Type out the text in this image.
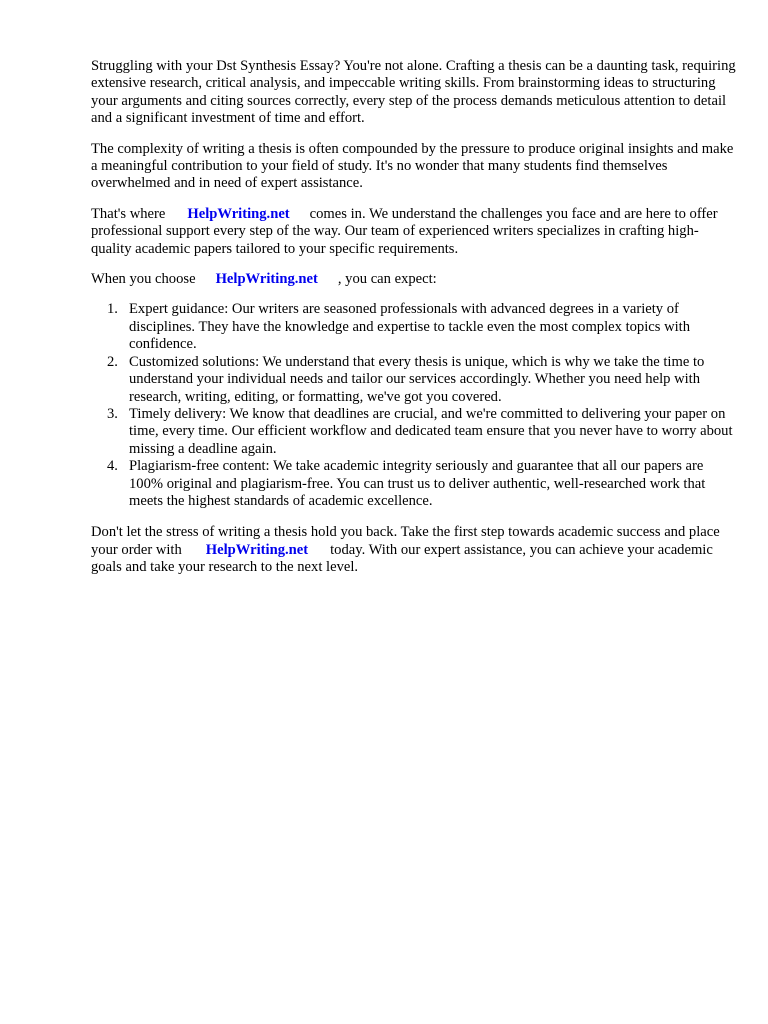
Struggling with your Dst Synthesis Essay? You're not alone. Crafting a thesis can be a daunting task, requiring extensive research, critical analysis, and impeccable writing skills. From brainstorming ideas to structuring your arguments and citing sources correctly, every step of the process demands meticulous attention to detail and a significant investment of time and effort.

The complexity of writing a thesis is often compounded by the pressure to produce original insights and make a meaningful contribution to your field of study. It's no wonder that many students find themselves overwhelmed and in need of expert assistance.

That's where HelpWriting.net comes in. We understand the challenges you face and are here to offer professional support every step of the way. Our team of experienced writers specializes in crafting high-quality academic papers tailored to your specific requirements.

When you choose HelpWriting.net , you can expect:

1. Expert guidance: Our writers are seasoned professionals with advanced degrees in a variety of disciplines. They have the knowledge and expertise to tackle even the most complex topics with confidence.
2. Customized solutions: We understand that every thesis is unique, which is why we take the time to understand your individual needs and tailor our services accordingly. Whether you need help with research, writing, editing, or formatting, we've got you covered.
3. Timely delivery: We know that deadlines are crucial, and we're committed to delivering your paper on time, every time. Our efficient workflow and dedicated team ensure that you never have to worry about missing a deadline again.
4. Plagiarism-free content: We take academic integrity seriously and guarantee that all our papers are 100% original and plagiarism-free. You can trust us to deliver authentic, well-researched work that meets the highest standards of academic excellence.

Don't let the stress of writing a thesis hold you back. Take the first step towards academic success and place your order with HelpWriting.net today. With our expert assistance, you can achieve your academic goals and take your research to the next level.
